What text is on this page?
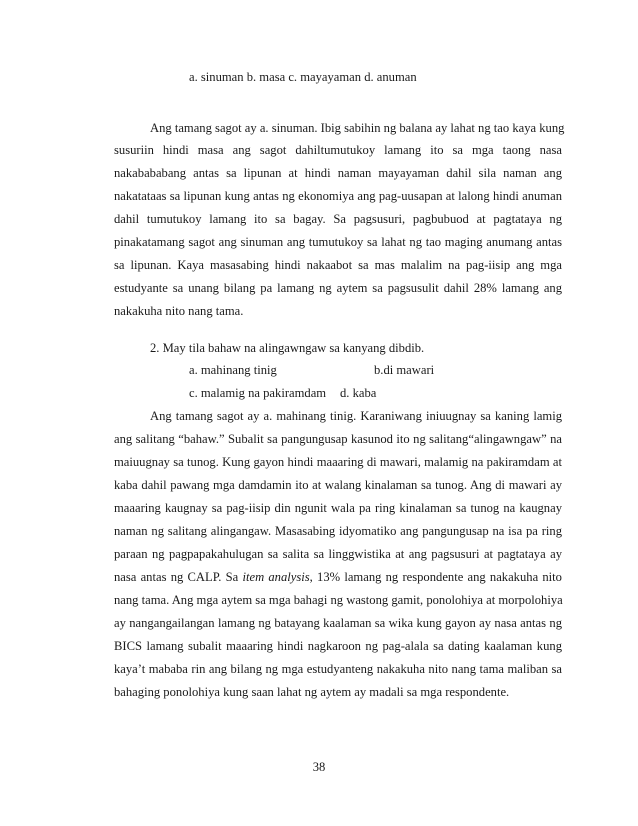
a. sinuman b. masa c. mayayaman d. anuman
Ang tamang sagot ay a. sinuman. Ibig sabihin ng balana ay lahat ng tao kaya kung
susuriin hindi masa ang sagot dahiltumutukoy lamang ito sa mga taong nasa
nakabababang antas sa lipunan at hindi naman mayayaman dahil sila naman ang
nakatataas sa lipunan kung antas ng ekonomiya ang pag-uusapan at lalong hindi anuman
dahil tumutukoy lamang ito sa bagay. Sa pagsusuri, pagbubuod at pagtataya ng
pinakatamang sagot ang sinuman ang tumutukoy sa lahat ng tao maging anumang antas
sa lipunan. Kaya masasabing hindi nakaabot sa mas malalim na pag-iisip ang mga
estudyante sa unang bilang pa lamang ng aytem sa pagsusulit dahil 28% lamang ang
nakakuha nito nang tama.
2. May tila bahaw na alingawngaw sa kanyang dibdib.
a. mahinang tinig	b.di mawari
c. malamig na pakiramdam d. kaba
Ang tamang sagot ay a. mahinang tinig. Karaniwang iniuugnay sa kaning lamig
ang salitang “bahaw.” Subalit sa pangungusap kasunod ito ng salitang“alingawngaw” na
maiuugnay sa tunog. Kung gayon hindi maaaring di mawari, malamig na pakiramdam at
kaba dahil pawang mga damdamin ito at walang kinalaman sa tunog. Ang di mawari ay
maaaring kaugnay sa pag-iisip din ngunit wala pa ring kinalaman sa tunog na kaugnay
naman ng salitang alingangaw. Masasabing idyomatiko ang pangungusap na isa pa ring
paraan ng pagpapakahulugan sa salita sa linggwistika at ang pagsusuri at pagtataya ay
nasa antas ng CALP. Sa item analysis, 13% lamang ng respondente ang nakakuha nito
nang tama. Ang mga aytem sa mga bahagi ng wastong gamit, ponolohiya at morpolohiya
ay nangangailangan lamang ng batayang kaalaman sa wika kung gayon ay nasa antas ng
BICS lamang subalit maaaring hindi nagkaroon ng pag-alala sa dating kaalaman kung
kaya’t mababa rin ang bilang ng mga estudyanteng nakakuha nito nang tama maliban sa
bahaging ponolohiya kung saan lahat ng aytem ay madali sa mga respondente.
38
